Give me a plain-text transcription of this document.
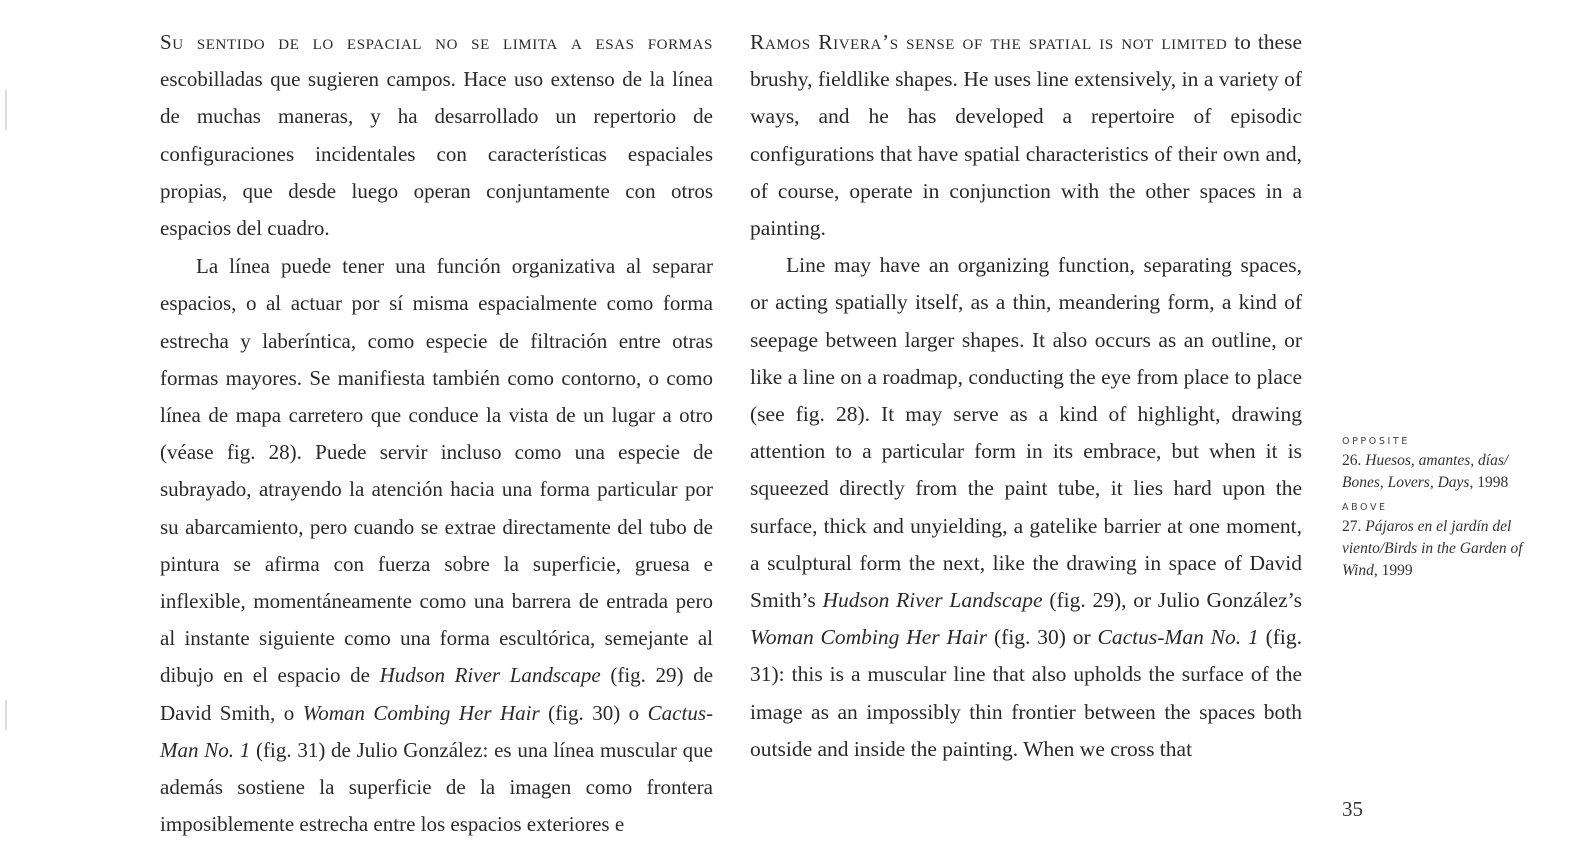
Su sentido de lo espacial no se limita a esas formas escobilladas que sugieren campos. Hace uso extenso de la línea de muchas maneras, y ha desarrollado un repertorio de configuraciones incidentales con características espaciales propias, que desde luego operan conjuntamente con otros espacios del cuadro.

La línea puede tener una función organizativa al separar espacios, o al actuar por sí misma espacialmente como forma estrecha y laberíntica, como especie de filtración entre otras formas mayores. Se manifiesta también como contorno, o como línea de mapa carretero que conduce la vista de un lugar a otro (véase fig. 28). Puede servir incluso como una especie de subrayado, atrayendo la atención hacia una forma particular por su abarcamiento, pero cuando se extrae directamente del tubo de pintura se afirma con fuerza sobre la superficie, gruesa e inflexible, momentáneamente como una barrera de entrada pero al instante siguiente como una forma escultórica, semejante al dibujo en el espacio de Hudson River Landscape (fig. 29) de David Smith, o Woman Combing Her Hair (fig. 30) o Cactus-Man No. 1 (fig. 31) de Julio González: es una línea muscular que además sostiene la superficie de la imagen como frontera imposiblemente estrecha entre los espacios exteriores e

Ramos Rivera’s sense of the spatial is not limited to these brushy, fieldlike shapes. He uses line extensively, in a variety of ways, and he has developed a repertoire of episodic configurations that have spatial characteristics of their own and, of course, operate in conjunction with the other spaces in a painting.

Line may have an organizing function, separating spaces, or acting spatially itself, as a thin, meandering form, a kind of seepage between larger shapes. It also occurs as an outline, or like a line on a roadmap, conducting the eye from place to place (see fig. 28). It may serve as a kind of highlight, drawing attention to a particular form in its embrace, but when it is squeezed directly from the paint tube, it lies hard upon the surface, thick and unyielding, a gatelike barrier at one moment, a sculptural form the next, like the drawing in space of David Smith’s Hudson River Landscape (fig. 29), or Julio González’s Woman Combing Her Hair (fig. 30) or Cactus-Man No. 1 (fig. 31): this is a muscular line that also upholds the surface of the image as an impossibly thin frontier between the spaces both outside and inside the painting. When we cross that

OPPOSITE
26. Huesos, amantes, días/ Bones, Lovers, Days, 1998
ABOVE
27. Pájaros en el jardín del viento/Birds in the Garden of Wind, 1999
35
